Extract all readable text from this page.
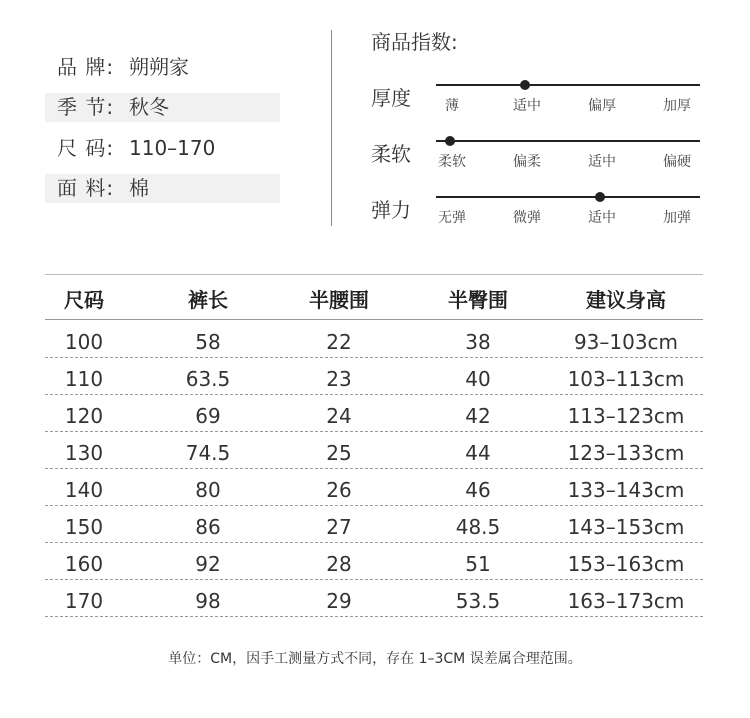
品 牌: 朔朔家
季 节: 秋冬
尺 码: 110–170
面 料: 棉
商品指数:
厚度	薄	适中	偏厚	加厚
柔软	柔软	偏柔	适中	偏硬
弹力	无弹	微弹	适中	加弹
尺码	裤长	半腰围	半臀围	建议身高
100	58	22	38	93–103cm
110	63.5	23	40	103–113cm
120	69	24	42	113–123cm
130	74.5	25	44	123–133cm
140	80	26	46	133–143cm
150	86	27	48.5	143–153cm
160	92	28	51	153–163cm
170	98	29	53.5	163–173cm
单位：CM，因手工测量方式不同，存在 1–3CM 误差属合理范围。
